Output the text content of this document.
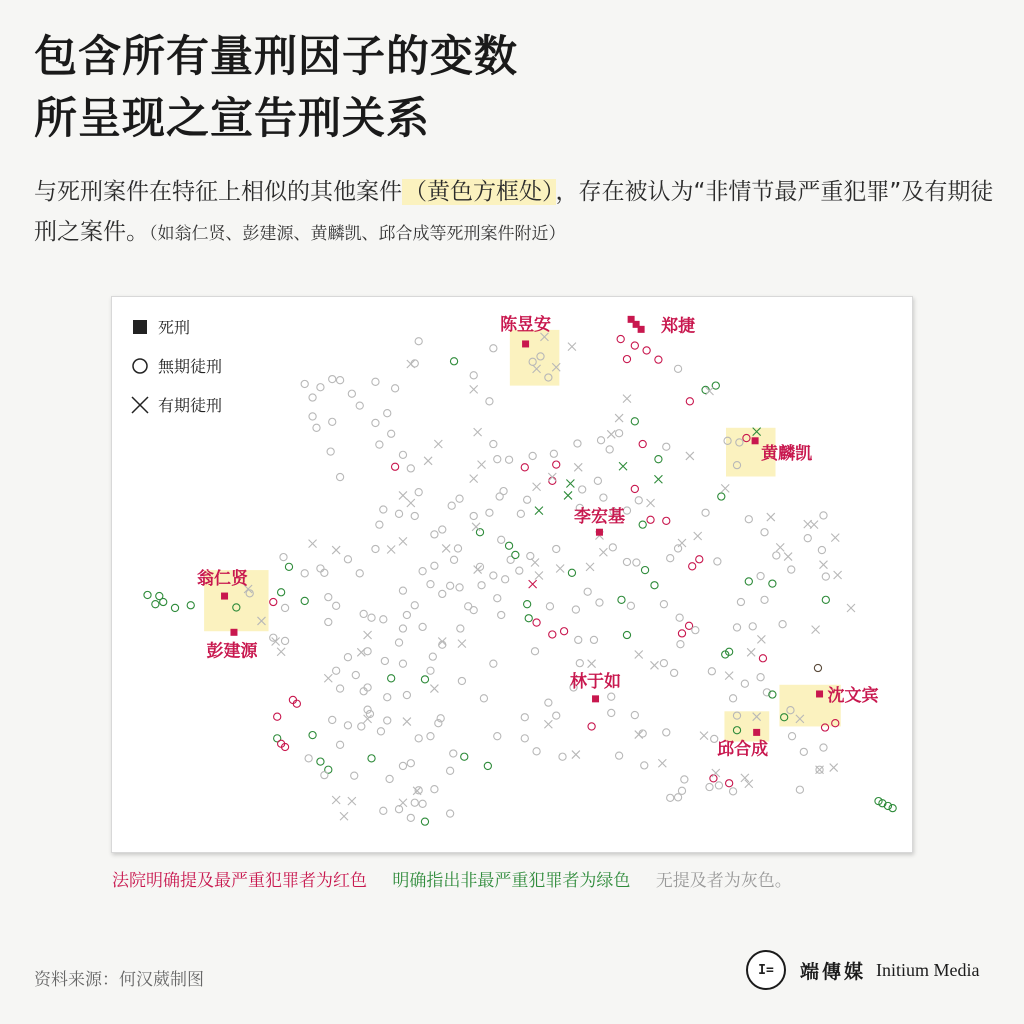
包含所有量刑因子的变数
所呈现之宣告刑关系
与死刑案件在特征上相似的其他案件（黄色方框处），存在被认为“非情节最严重犯罪”及有期徒刑之案件。（如翁仁贤、彭建源、黄麟凯、邱合成等死刑案件附近）
陈昱安	郑捷
黄麟凯
李宏基
翁仁贤
彭建源
林于如
沈文宾
邱合成
死刑
無期徒刑
有期徒刑
法院明确提及最严重犯罪者为红色 明确指出非最严重犯罪者为绿色 无提及者为灰色。
资料来源：何汉葳制图	I=	端傳媒 Initium Media
